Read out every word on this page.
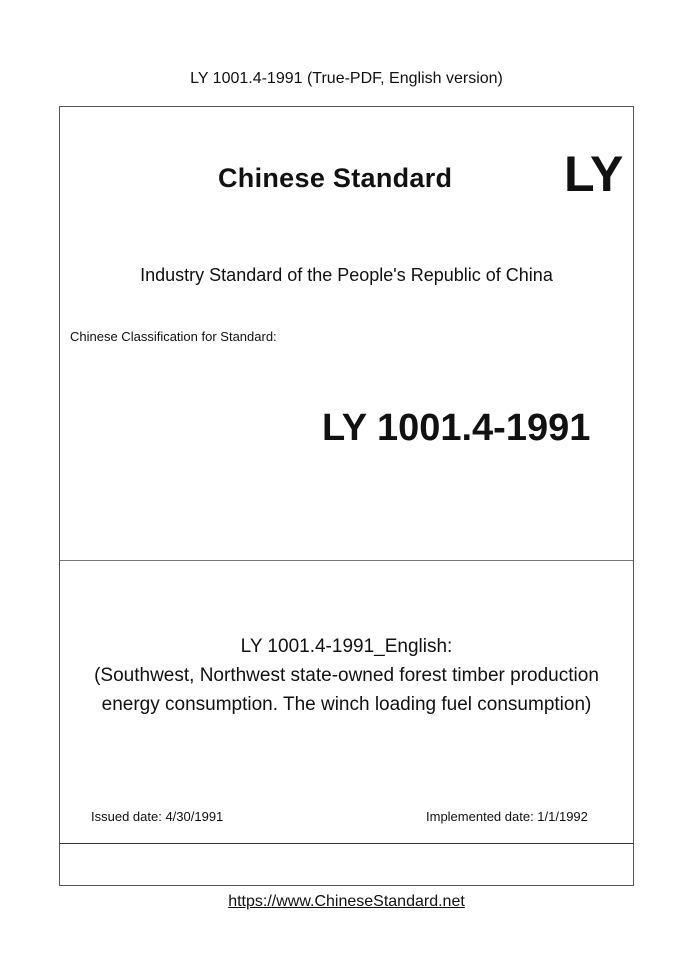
LY 1001.4-1991 (True-PDF, English version)
Chinese Standard LY
Industry Standard of the People's Republic of China
Chinese Classification for Standard:
LY 1001.4-1991
LY 1001.4-1991_English:
(Southwest, Northwest state-owned forest timber production
energy consumption. The winch loading fuel consumption)
Issued date: 4/30/1991	Implemented date: 1/1/1992
https://www.ChineseStandard.net
